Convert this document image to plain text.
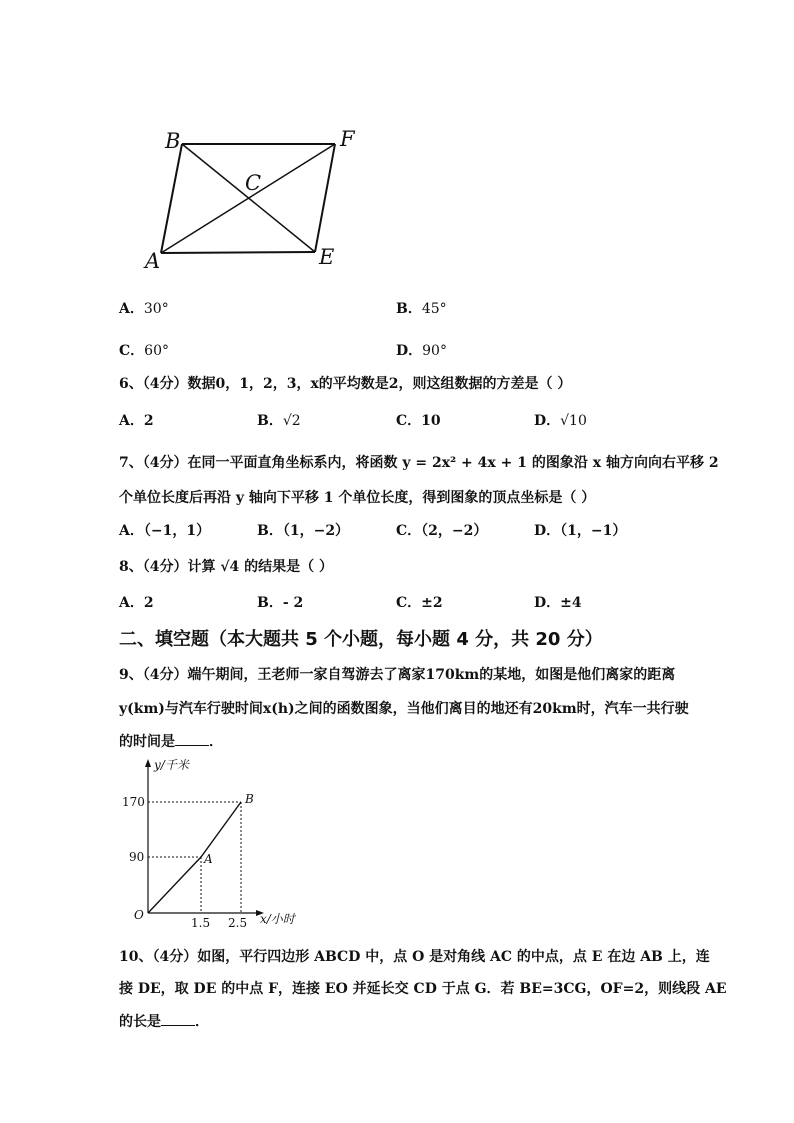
B	F
C
A	E
A．30°	B．45°
C．60°	D．90°
6、（4分）数据0，1，2，3，x的平均数是2，则这组数据的方差是（ ）
A．2	B．√2	C．10	D．√10
7、（4分）在同一平面直角坐标系内，将函数 y = 2x² + 4x + 1 的图象沿 x 轴方向向右平移 2
个单位长度后再沿 y 轴向下平移 1 个单位长度，得到图象的顶点坐标是（ ）
A．（−1，1）	B．（1，−2）	C．（2，−2）	D．（1，−1）
8、（4分）计算 √4 的结果是（ ）
A．2	B．- 2	C．±2	D．±4
二、填空题（本大题共 5 个小题，每小题 4 分，共 20 分）
9、（4分）端午期间，王老师一家自驾游去了离家170km的某地，如图是他们离家的距离
y(km)与汽车行驶时间x(h)之间的函数图象，当他们离目的地还有20km时，汽车一共行驶
的时间是 ．
y/千米
x/小时
O
A
B
170
90
1.5 2.5
10、（4分）如图，平行四边形 ABCD 中，点 O 是对角线 AC 的中点，点 E 在边 AB 上，连
接 DE，取 DE 的中点 F，连接 EO 并延长交 CD 于点 G．若 BE=3CG，OF=2，则线段 AE
的长是 ．
